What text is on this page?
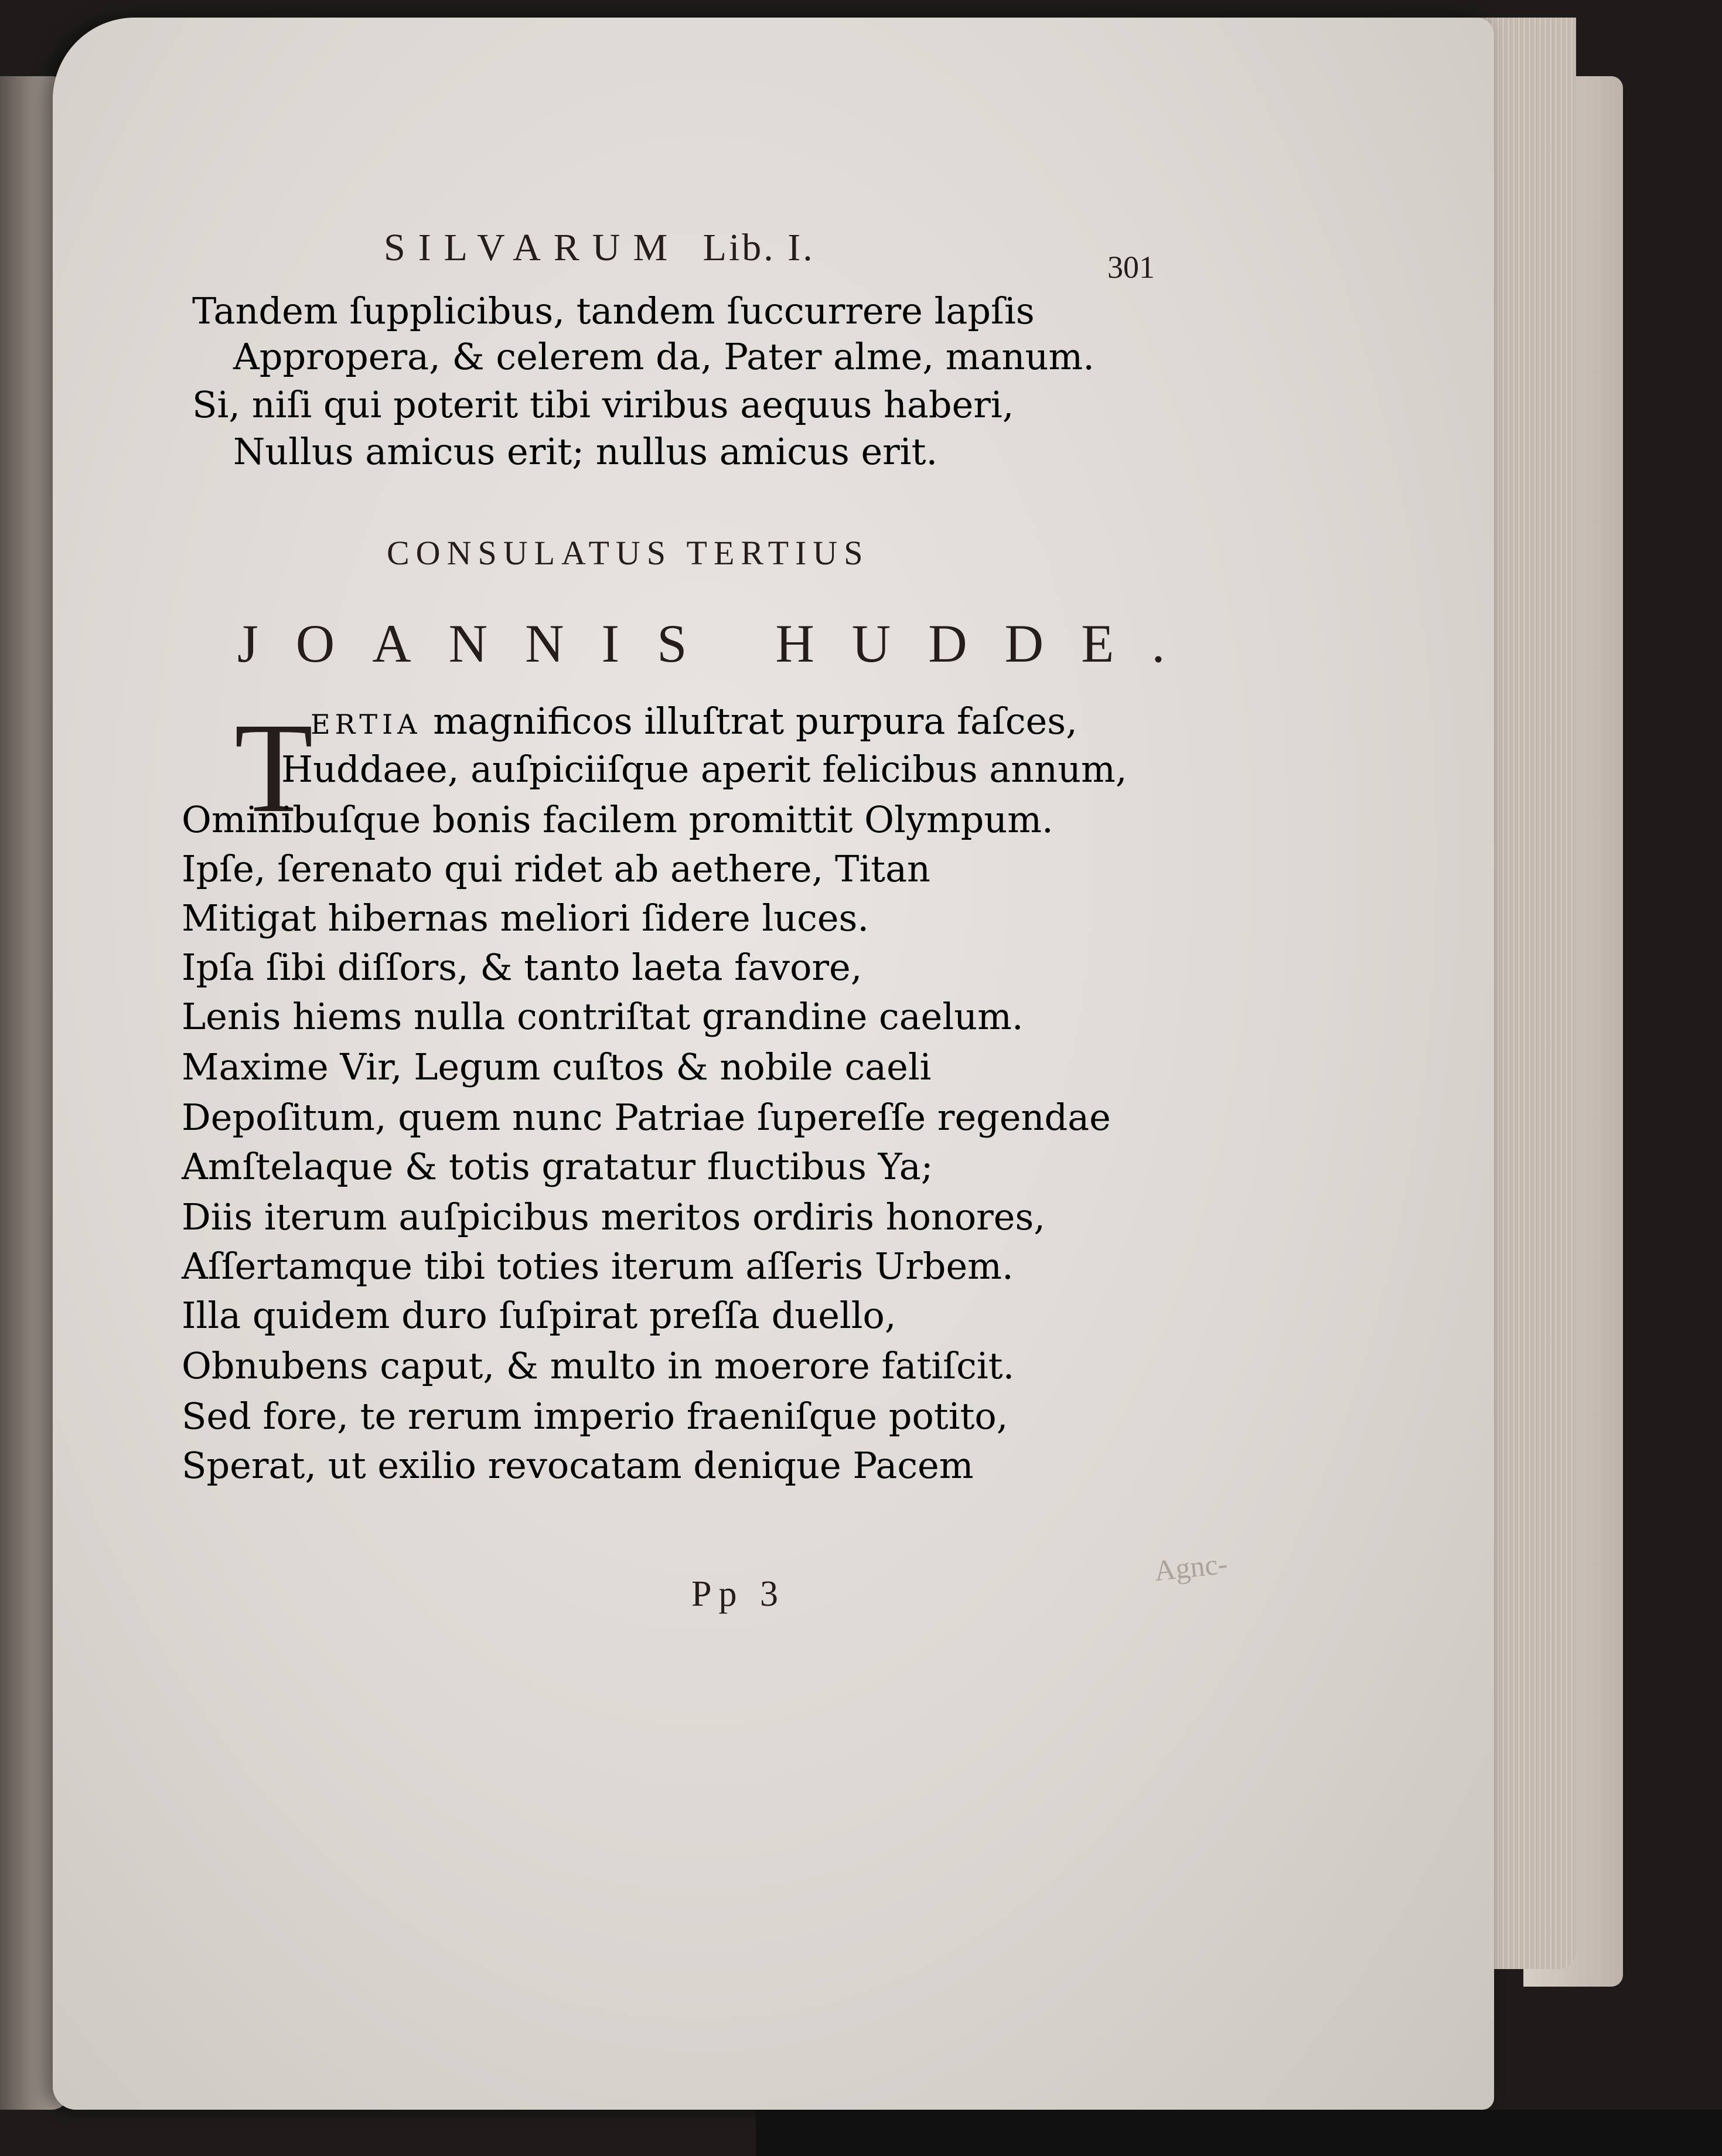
SILVARUM Lib. I.	301
Tandem ſupplicibus, tandem ſuccurrere lapſis
Appropera, & celerem da, Pater alme, manum.
Si, niſi qui poterit tibi viribus aequus haberi,
Nullus amicus erit; nullus amicus erit.
CONSULATUS TERTIUS
JOANNIS HUDDE.
T
ERTIA magnificos illuſtrat purpura faſces,
Huddaee, auſpiciiſque aperit felicibus annum,
Ominibuſque bonis facilem promittit Olympum.
Ipſe, ſerenato qui ridet ab aethere, Titan
Mitigat hibernas meliori ſidere luces.
Ipſa ſibi diſſors, & tanto laeta favore,
Lenis hiems nulla contriſtat grandine caelum.
Maxime Vir, Legum cuſtos & nobile caeli
Depoſitum, quem nunc Patriae ſupereſſe regendae
Amſtelaque & totis gratatur fluctibus Ya;
Diis iterum auſpicibus meritos ordiris honores,
Aſſertamque tibi toties iterum aſſeris Urbem.
Illa quidem duro ſuſpirat preſſa duello,
Obnubens caput, & multo in moerore fatiſcit.
Sed fore, te rerum imperio fraeniſque potito,
Sperat, ut exilio revocatam denique Pacem
Pp 3
Agnc-
